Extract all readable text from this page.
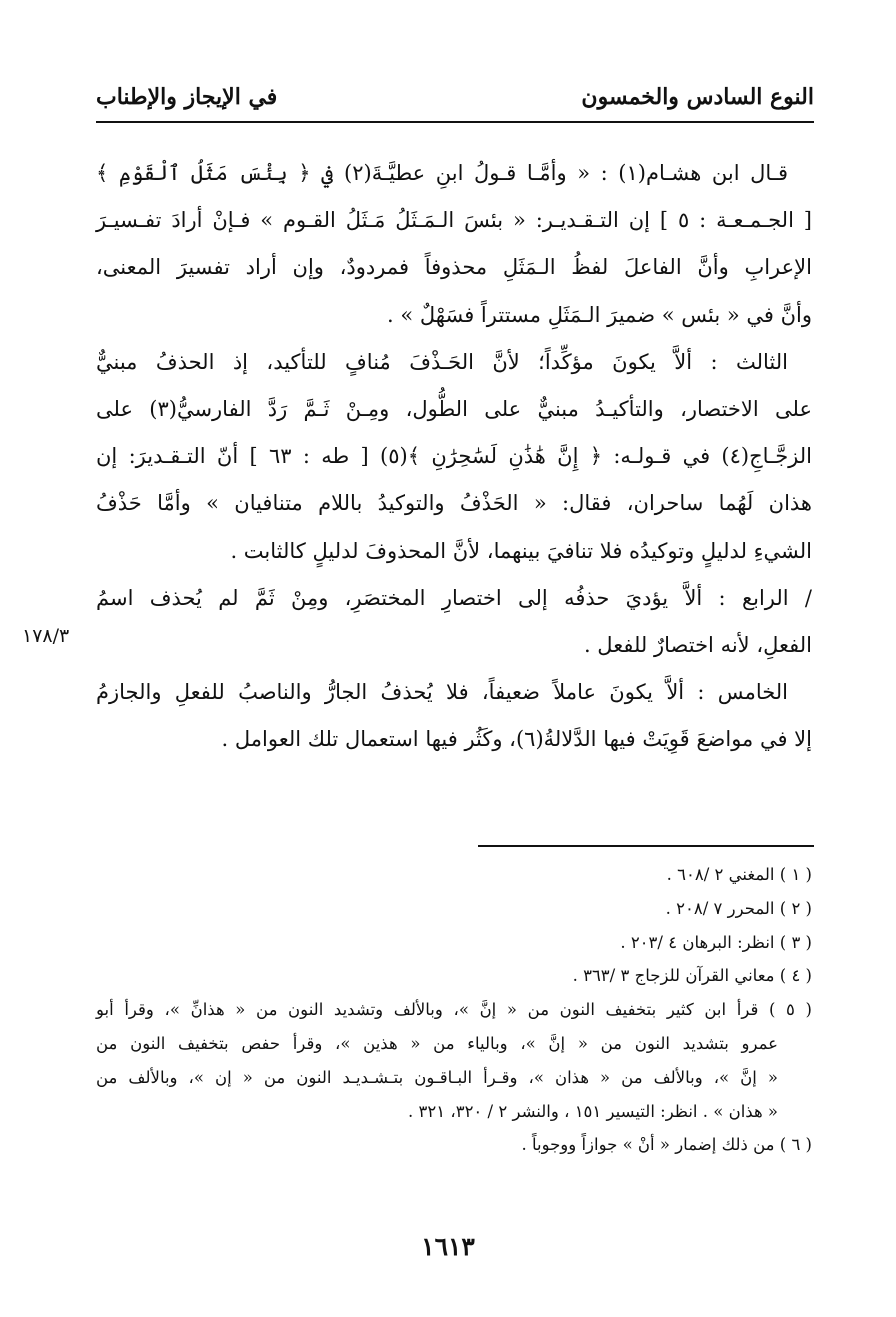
النوع السادس والخمسون
في الإيجاز والإطناب
قـال ابن هشـام(١) : « وأمَّـا قـولُ ابنِ عطيَّـةَ(٢) في ﴿ بِئْسَ مَثَلُ ٱلْقَوْمِ ﴾
[ الجـمـعـة : ٥ ] إن التـقـديـر: « بئسَ الـمَـثَلُ مَـثَلُ القـوم » فـإنْ أرادَ تفـسيـرَ
الإعرابِ وأنَّ الفاعلَ لفظُ الـمَثَلِ محذوفاً فمردودٌ، وإن أراد تفسيرَ المعنى،
وأنَّ في « بئس » ضميرَ الـمَثَلِ مستتراً فسَهْلٌ » .
الثالث : ألاَّ يكونَ مؤكِّداً؛ لأنَّ الحَـذْفَ مُنافٍ للتأكيد، إذ الحذفُ مبنيٌّ
على الاختصار، والتأكيـدُ مبنيٌّ على الطُّول، ومِـنْ ثَـمَّ رَدَّ الفارسيُّ(٣) على
الزجَّـاجِ(٤) في قـولـه: ﴿ إِنَّ هَٰذَٰنِ لَسَٰحِرَٰنِ ﴾(٥) [ طه : ٦٣ ] أنّ التـقـديرَ: إن
هذان لَهُما ساحران، فقال: « الحَذْفُ والتوكيدُ باللام متنافيان » وأمَّا حَذْفُ
الشيءِ لدليلٍ وتوكيدُه فلا تنافيَ بينهما، لأنَّ المحذوفَ لدليلٍ كالثابت .
/ الرابع : ألاَّ يؤديَ حذفُه إلى اختصارِ المختصَرِ، ومِنْ ثَمَّ لم يُحذف اسمُ
الفعلِ، لأنه اختصارٌ للفعل .
الخامس : ألاَّ يكونَ عاملاً ضعيفاً، فلا يُحذفُ الجارُّ والناصبُ للفعلِ والجازمُ
إلا في مواضعَ قَوِيَتْ فيها الدَّلالةُ(٦)، وكَثُر فيها استعمال تلك العوامل .
١٧٨/٣
( ١ ) المغني ٢ /٦٠٨ .
( ٢ ) المحرر ٧ /٢٠٨ .
( ٣ ) انظر: البرهان ٤ /٢٠٣ .
( ٤ ) معاني القرآن للزجاج ٣ /٣٦٣ .
( ٥ ) قرأ ابن كثير بتخفيف النون من « إنَّ »، وبالألف وتشديد النون من « هذانِّ »، وقرأ أبو
عمرو بتشديد النون من « إنَّ »، وبالياء من « هذين »، وقرأ حفص بتخفيف النون من
« إنَّ »، وبالألف من « هذان »، وقـرأ البـاقـون بتـشـديـد النون من « إن »، وبالألف من
« هذان » . انظر: التيسير ١٥١ ، والنشر ٢ / ٣٢٠، ٣٢١ .
( ٦ ) من ذلك إضمار « أنْ » جوازاً ووجوباً .
١٦١٣
